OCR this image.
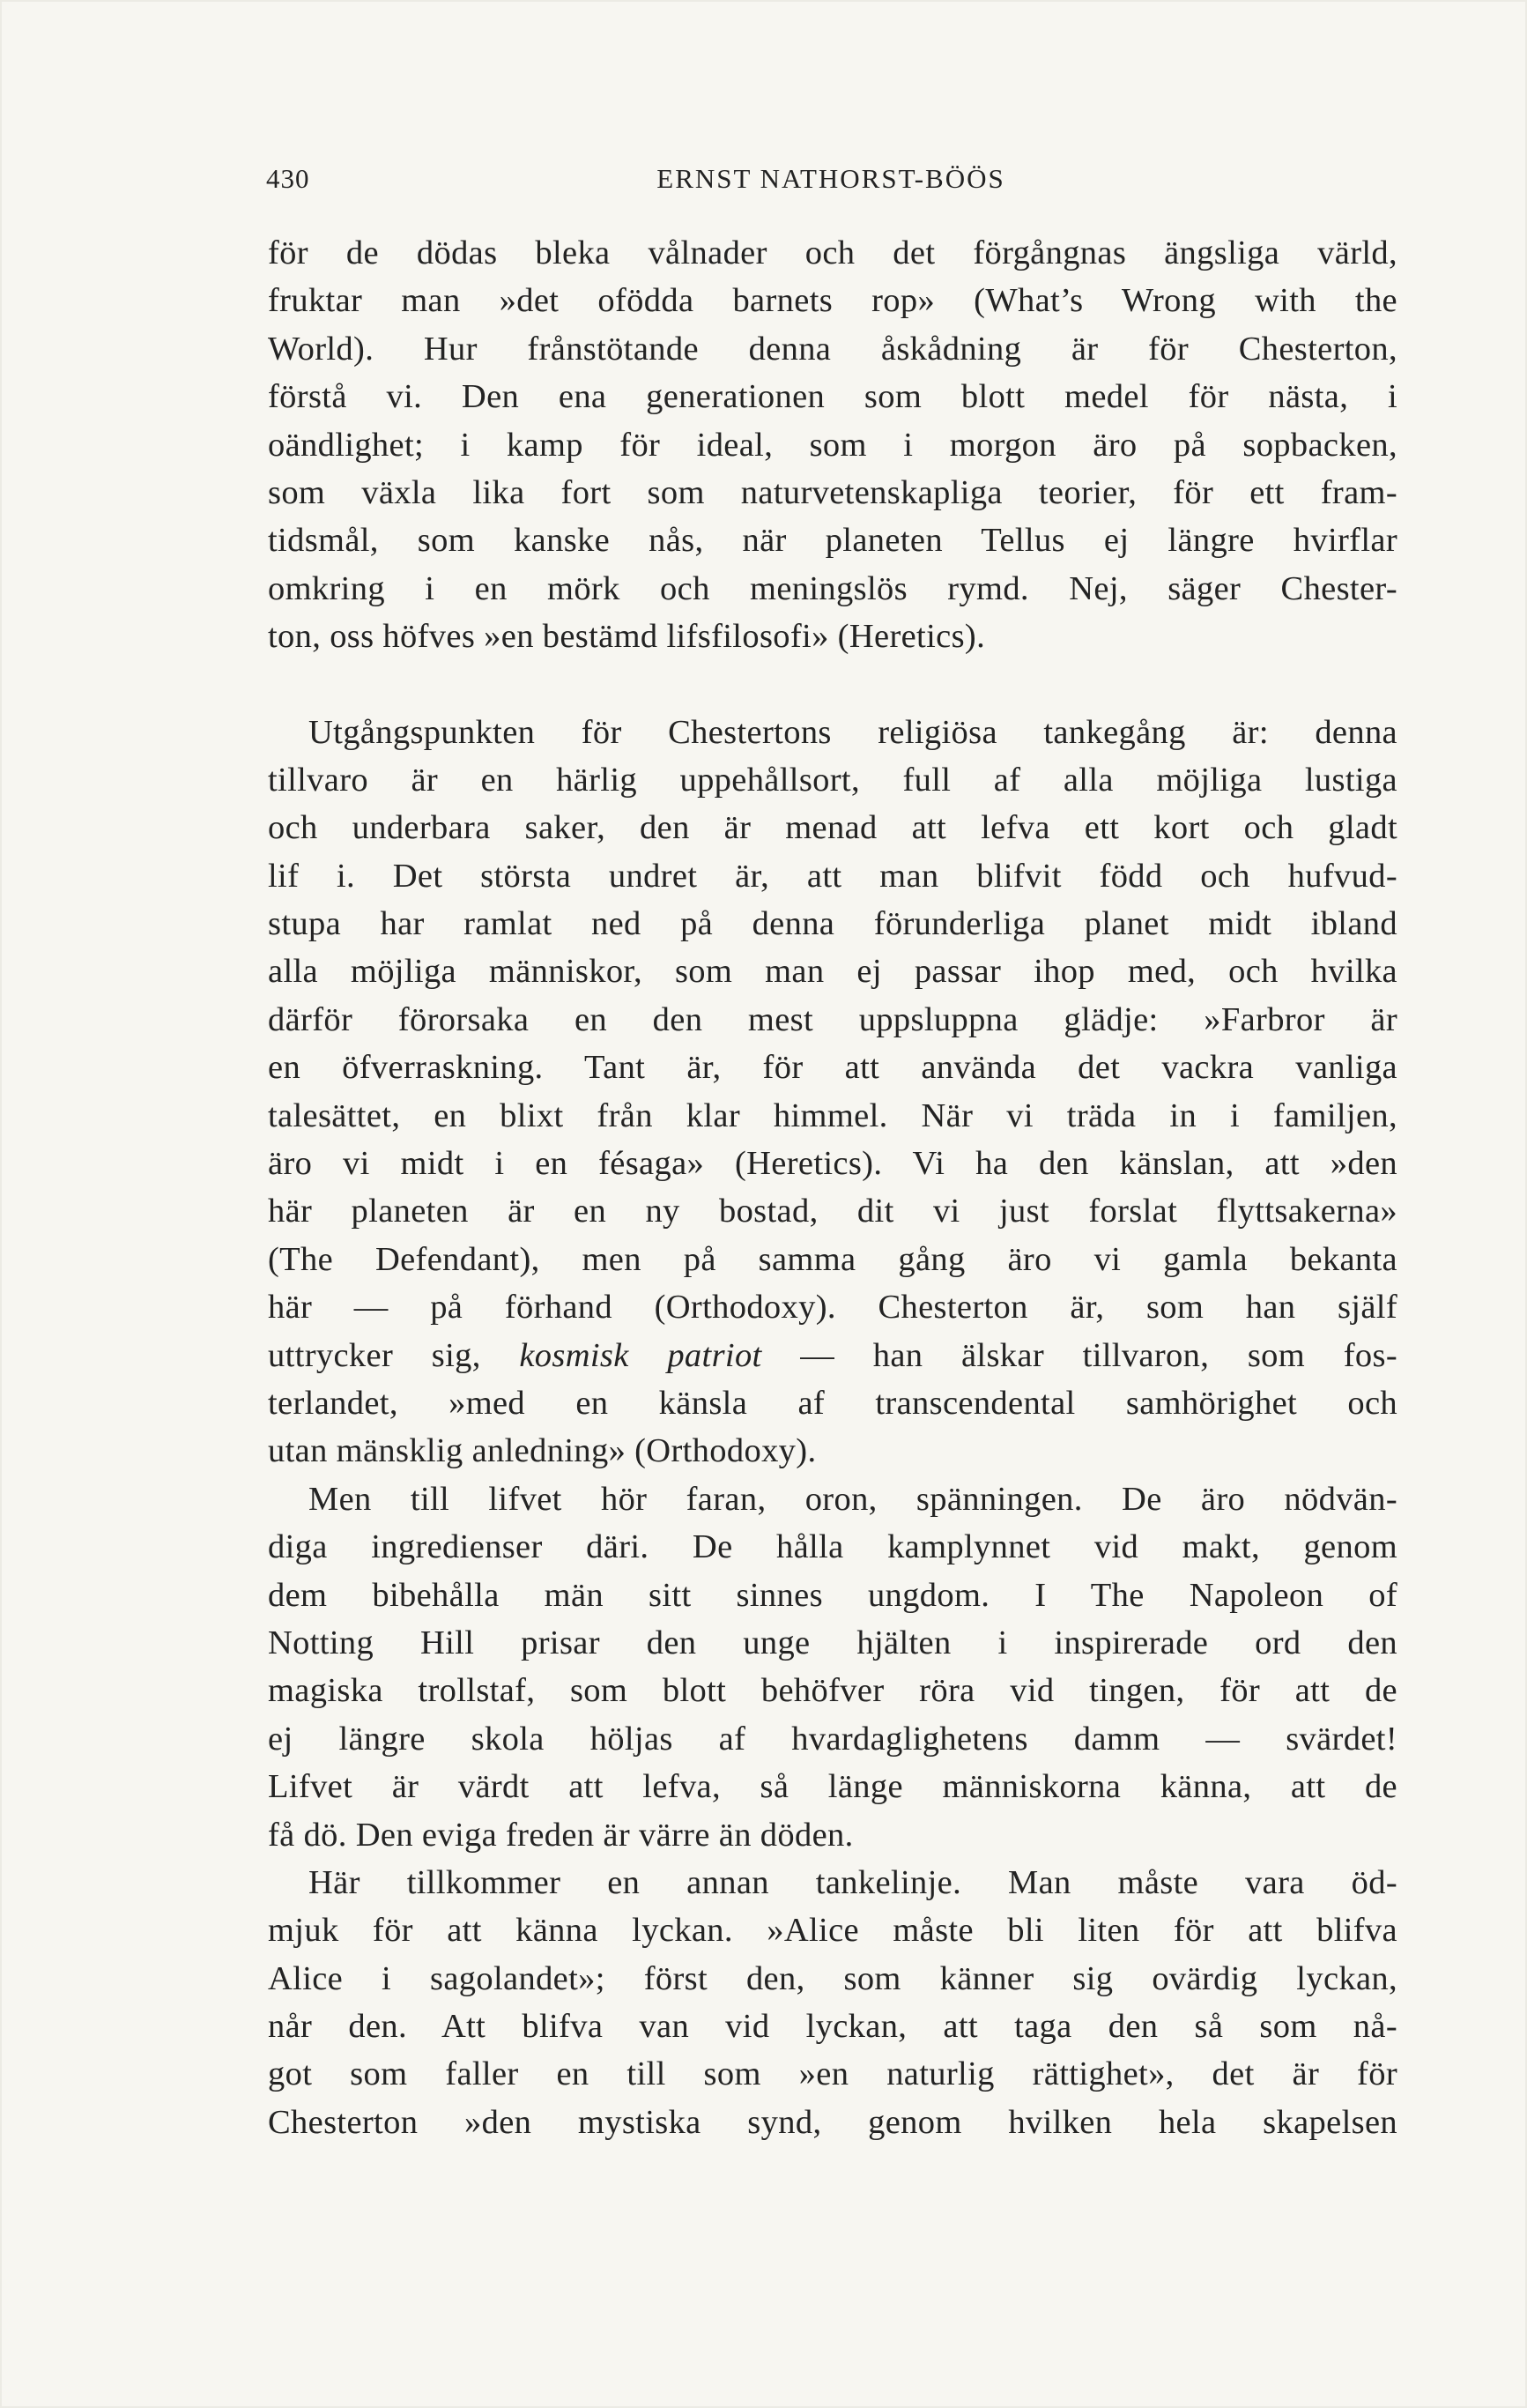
430	ERNST NATHORST-BÖÖS
för de dödas bleka vålnader och det förgångnas ängsliga värld,
fruktar man »det ofödda barnets rop» (What’s Wrong with the
World). Hur frånstötande denna åskådning är för Chesterton,
förstå vi. Den ena generationen som blott medel för nästa, i
oändlighet; i kamp för ideal, som i morgon äro på sopbacken,
som växla lika fort som naturvetenskapliga teorier, för ett fram-
tidsmål, som kanske nås, när planeten Tellus ej längre hvirflar
omkring i en mörk och meningslös rymd. Nej, säger Chester-
ton, oss höfves »en bestämd lifsfilosofi» (Heretics).
Utgångspunkten för Chestertons religiösa tankegång är: denna
tillvaro är en härlig uppehållsort, full af alla möjliga lustiga
och underbara saker, den är menad att lefva ett kort och gladt
lif i. Det största undret är, att man blifvit född och hufvud-
stupa har ramlat ned på denna förunderliga planet midt ibland
alla möjliga människor, som man ej passar ihop med, och hvilka
därför förorsaka en den mest uppsluppna glädje: »Farbror är
en öfverraskning. Tant är, för att använda det vackra vanliga
talesättet, en blixt från klar himmel. När vi träda in i familjen,
äro vi midt i en fésaga» (Heretics). Vi ha den känslan, att »den
här planeten är en ny bostad, dit vi just forslat flyttsakerna»
(The Defendant), men på samma gång äro vi gamla bekanta
här — på förhand (Orthodoxy). Chesterton är, som han själf
uttrycker sig, kosmisk patriot — han älskar tillvaron, som fos-
terlandet, »med en känsla af transcendental samhörighet och
utan mänsklig anledning» (Orthodoxy).
Men till lifvet hör faran, oron, spänningen. De äro nödvän-
diga ingredienser däri. De hålla kamplynnet vid makt, genom
dem bibehålla män sitt sinnes ungdom. I The Napoleon of
Notting Hill prisar den unge hjälten i inspirerade ord den
magiska trollstaf, som blott behöfver röra vid tingen, för att de
ej längre skola höljas af hvardaglighetens damm — svärdet!
Lifvet är värdt att lefva, så länge människorna känna, att de
få dö. Den eviga freden är värre än döden.
Här tillkommer en annan tankelinje. Man måste vara öd-
mjuk för att känna lyckan. »Alice måste bli liten för att blifva
Alice i sagolandet»; först den, som känner sig ovärdig lyckan,
når den. Att blifva van vid lyckan, att taga den så som nå-
got som faller en till som »en naturlig rättighet», det är för
Chesterton »den mystiska synd, genom hvilken hela skapelsen
